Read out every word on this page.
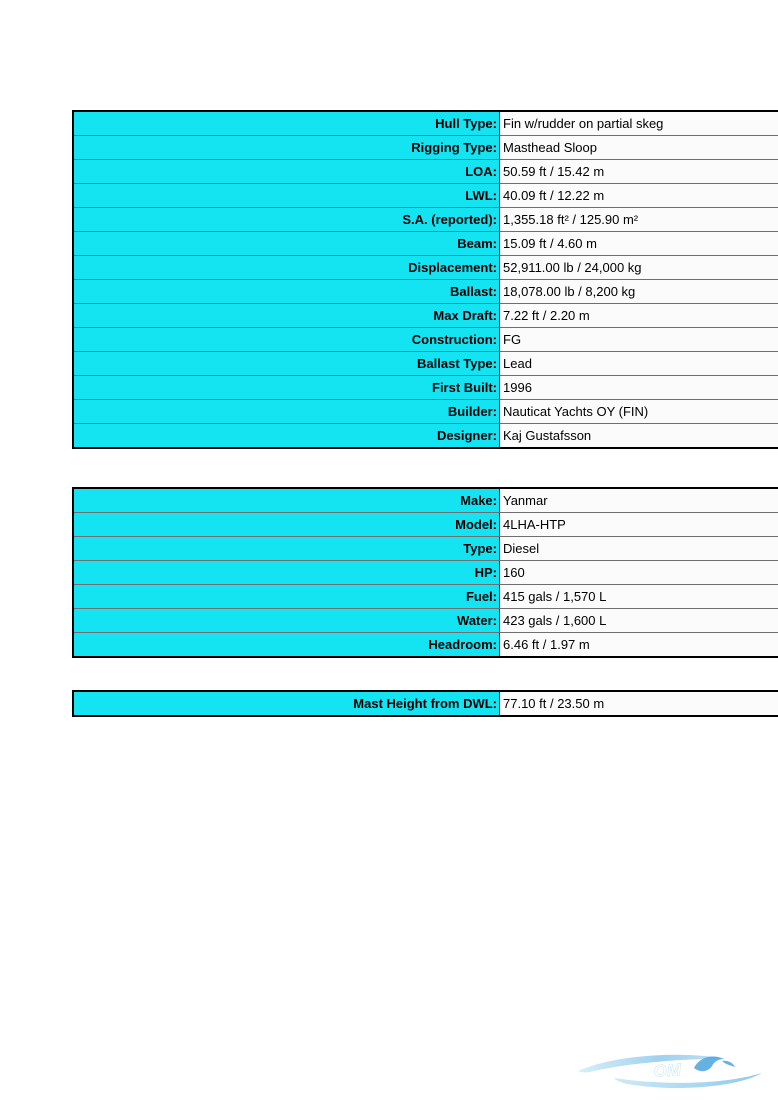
Hull Type: Fin w/rudder on partial skeg
Rigging Type: Masthead Sloop
LOA: 50.59 ft / 15.42 m
LWL: 40.09 ft / 12.22 m
S.A. (reported): 1,355.18 ft² / 125.90 m²
Beam: 15.09 ft / 4.60 m
Displacement: 52,911.00 lb / 24,000 kg
Ballast: 18,078.00 lb / 8,200 kg
Max Draft: 7.22 ft / 2.20 m
Construction: FG
Ballast Type: Lead
First Built: 1996
Builder: Nauticat Yachts OY (FIN)
Designer: Kaj Gustafsson
Make: Yanmar
Model: 4LHA-HTP
Type: Diesel
HP: 160
Fuel: 415 gals / 1,570 L
Water: 423 gals / 1,600 L
Headroom: 6.46 ft / 1.97 m
Mast Height from DWL: 77.10 ft / 23.50 m
OM
